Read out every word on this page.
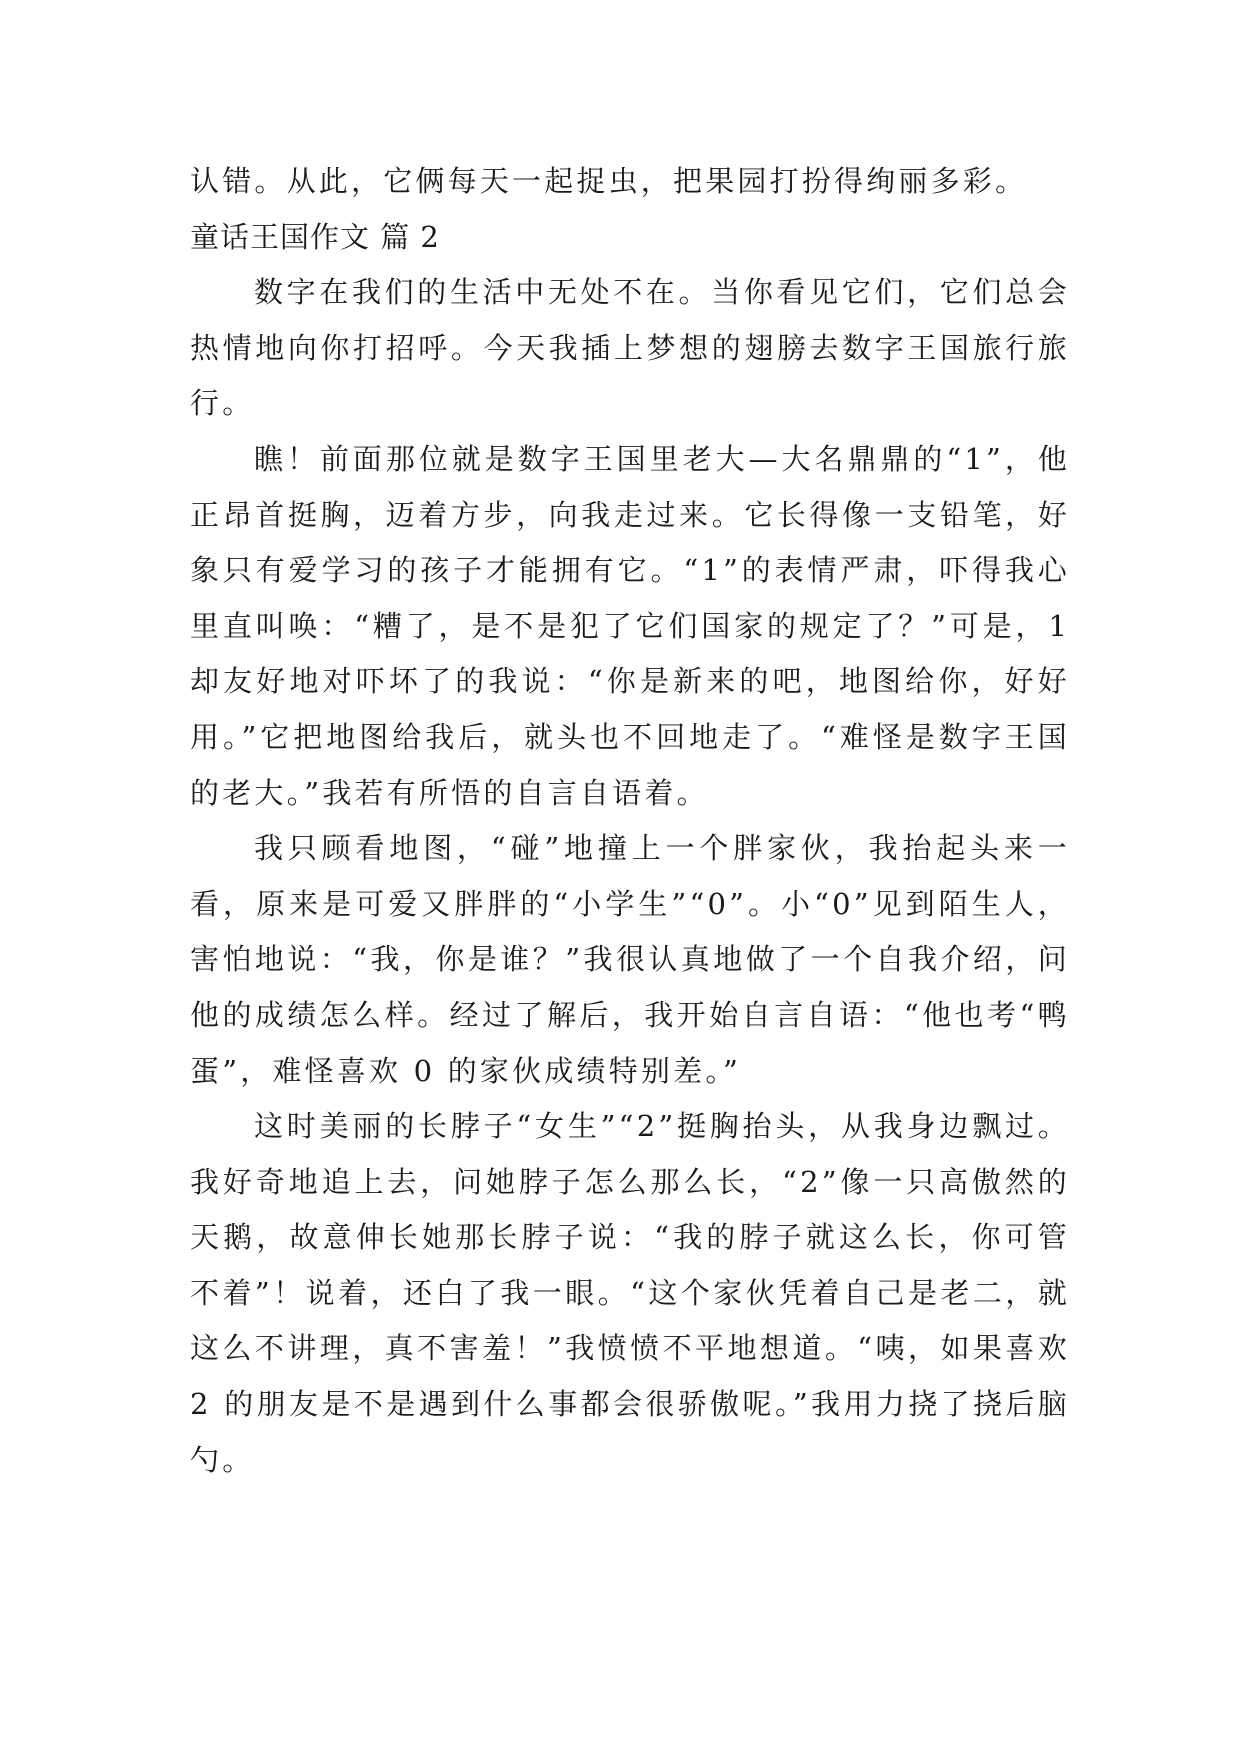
认错。从此，它俩每天一起捉虫，把果园打扮得绚丽多彩。

童话王国作文 篇 2

数字在我们的生活中无处不在。当你看见它们，它们总会热情地向你打招呼。今天我插上梦想的翅膀去数字王国旅行旅行。

瞧！前面那位就是数字王国里老大—大名鼎鼎的“1”，他正昂首挺胸，迈着方步，向我走过来。它长得像一支铅笔，好象只有爱学习的孩子才能拥有它。“1”的表情严肃，吓得我心里直叫唤：“糟了，是不是犯了它们国家的规定了？”可是，1 却友好地对吓坏了的我说：“你是新来的吧，地图给你，好好用。”它把地图给我后，就头也不回地走了。“难怪是数字王国的老大。”我若有所悟的自言自语着。

我只顾看地图，“碰”地撞上一个胖家伙，我抬起头来一看，原来是可爱又胖胖的“小学生”“0”。小“0”见到陌生人，害怕地说：“我，你是谁？”我很认真地做了一个自我介绍，问他的成绩怎么样。经过了解后，我开始自言自语：“他也考“鸭蛋”，难怪喜欢 0 的家伙成绩特别差。”

这时美丽的长脖子“女生”“2”挺胸抬头，从我身边飘过。我好奇地追上去，问她脖子怎么那么长，“2”像一只高傲然的天鹅，故意伸长她那长脖子说：“我的脖子就这么长，你可管不着”！说着，还白了我一眼。“这个家伙凭着自己是老二，就这么不讲理，真不害羞！”我愤愤不平地想道。“咦，如果喜欢 2 的朋友是不是遇到什么事都会很骄傲呢。”我用力挠了挠后脑勺。
